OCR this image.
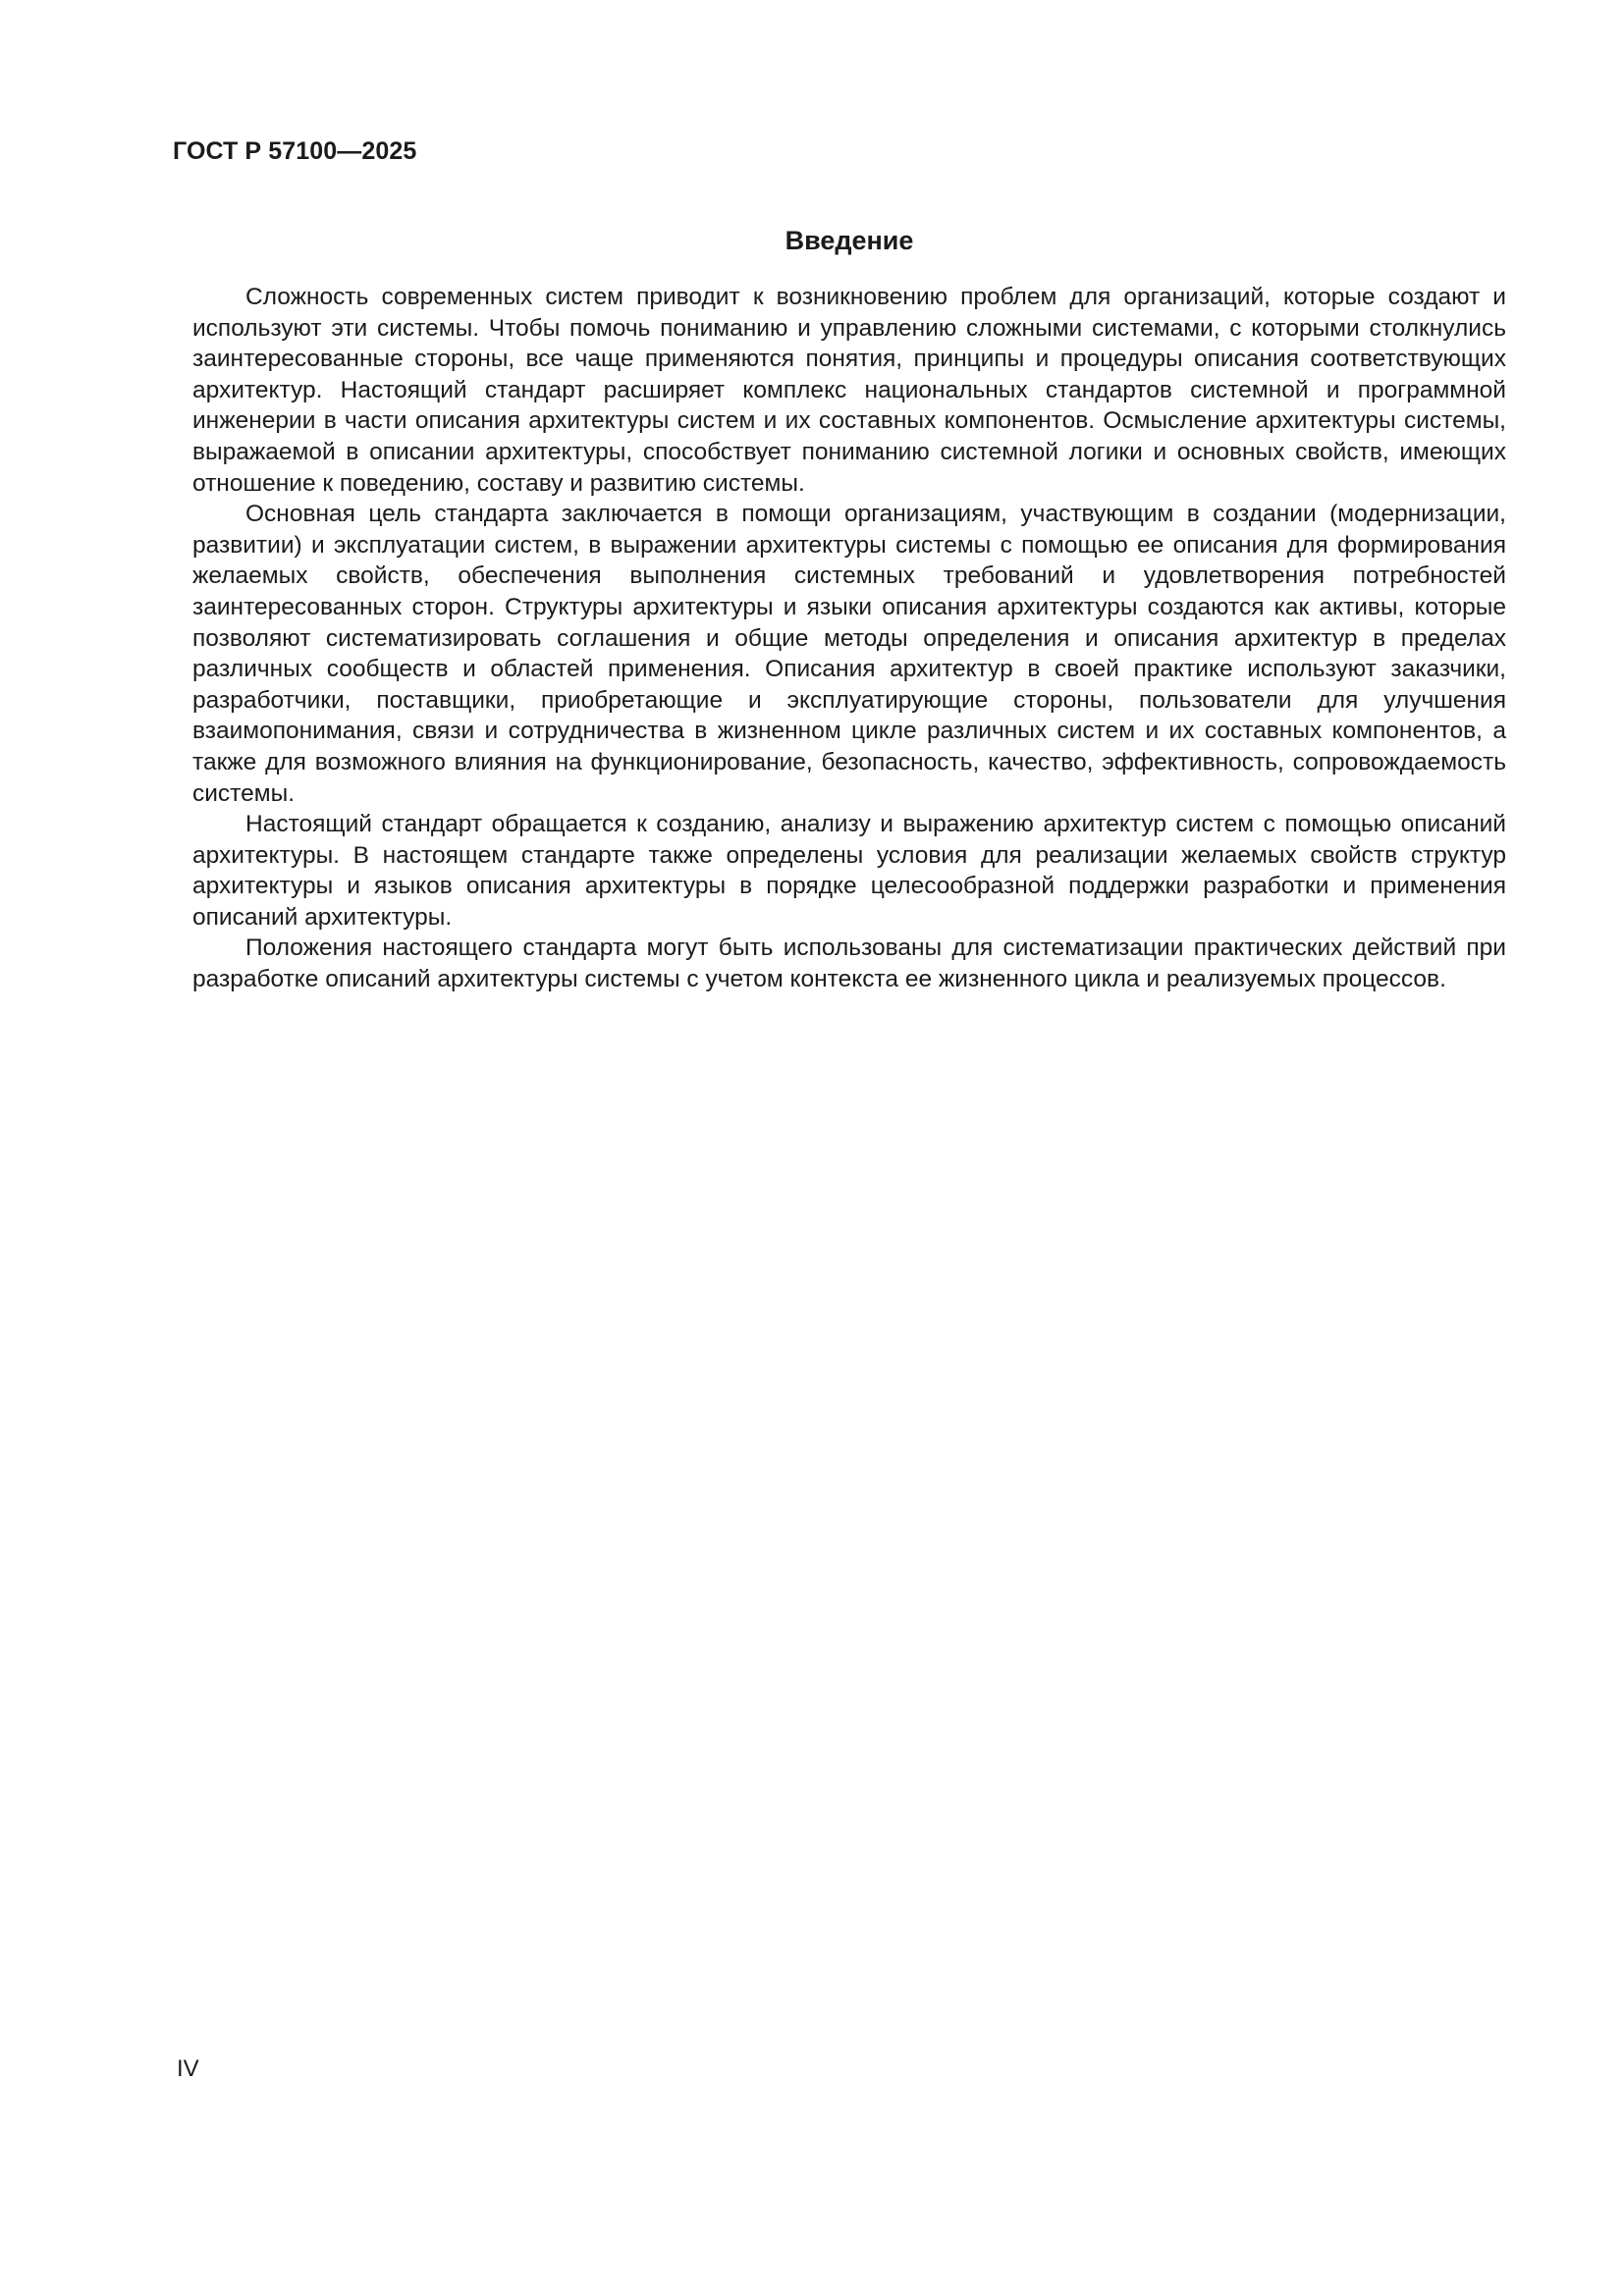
ГОСТ Р 57100—2025
Введение

Сложность современных систем приводит к возникновению проблем для организаций, которые создают и используют эти системы. Чтобы помочь пониманию и управлению сложными системами, с которыми столкнулись заинтересованные стороны, все чаще применяются понятия, принципы и процедуры описания соответствующих архитектур. Настоящий стандарт расширяет комплекс национальных стандартов системной и программной инженерии в части описания архитектуры систем и их составных компонентов. Осмысление архитектуры системы, выражаемой в описании архитектуры, способствует пониманию системной логики и основных свойств, имеющих отношение к поведению, составу и развитию системы.

Основная цель стандарта заключается в помощи организациям, участвующим в создании (модернизации, развитии) и эксплуатации систем, в выражении архитектуры системы с помощью ее описания для формирования желаемых свойств, обеспечения выполнения системных требований и удовлетворения потребностей заинтересованных сторон. Структуры архитектуры и языки описания архитектуры создаются как активы, которые позволяют систематизировать соглашения и общие методы определения и описания архитектур в пределах различных сообществ и областей применения. Описания архитектур в своей практике используют заказчики, разработчики, поставщики, приобретающие и эксплуатирующие стороны, пользователи для улучшения взаимопонимания, связи и сотрудничества в жизненном цикле различных систем и их составных компонентов, а также для возможного влияния на функционирование, безопасность, качество, эффективность, сопровождаемость системы.

Настоящий стандарт обращается к созданию, анализу и выражению архитектур систем с помощью описаний архитектуры. В настоящем стандарте также определены условия для реализации желаемых свойств структур архитектуры и языков описания архитектуры в порядке целесообразной поддержки разработки и применения описаний архитектуры.

Положения настоящего стандарта могут быть использованы для систематизации практических действий при разработке описаний архитектуры системы с учетом контекста ее жизненного цикла и реализуемых процессов.

IV
